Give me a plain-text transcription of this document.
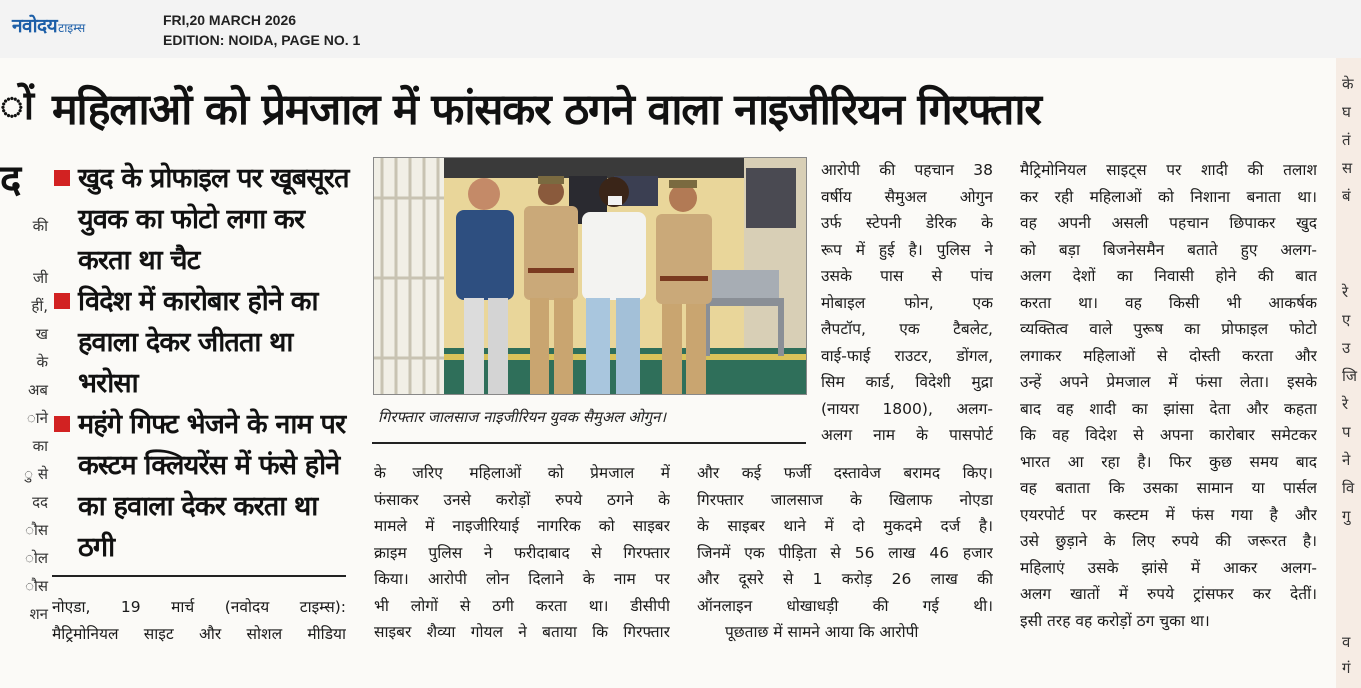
नवोदय टाइम्स	FRI,20 MARCH 2026
EDITION: NOIDA, PAGE NO. 1
ों
द
की
जी
हीं,
ख
के
अब
ाने
का
ु से
दद
ौस
ोल
ौस
शन
के
घ
तं
स
बं
रे
ए
उ
जि
रे
प
ने
वि
गु
व
गं
महिलाओं को प्रेमजाल में फांसकर ठगने वाला नाइजीरियन गिरफ्तार
खुद के प्रोफाइल पर खूबसूरत युवक का फोटो लगा कर करता था चैट
विदेश में कारोबार होने का हवाला देकर जीतता था भरोसा
महंगे गिफ्ट भेजने के नाम पर कस्टम क्लियरेंस में फंसे होने का हवाला देकर करता था ठगी
नोएडा, 19 मार्च (नवोदय टाइम्स):
मैट्रिमोनियल साइट और सोशल मीडिया
गिरफ्तार जालसाज नाइजीरियन युवक सैमुअल ओगुन।
के जरिए महिलाओं को प्रेमजाल में
फंसाकर उनसे करोड़ों रुपये ठगने के
मामले में नाइजीरियाई नागरिक को साइबर
क्राइम पुलिस ने फरीदाबाद से गिरफ्तार
किया। आरोपी लोन दिलाने के नाम पर
भी लोगों से ठगी करता था। डीसीपी
साइबर शैव्या गोयल ने बताया कि गिरफ्तार
आरोपी की पहचान 38
वर्षीय सैमुअल ओगुन
उर्फ स्टेपनी डेरिक के
रूप में हुई है। पुलिस ने
उसके पास से पांच
मोबाइल फोन, एक
लैपटॉप, एक टैबलेट,
वाई-फाई राउटर, डोंगल,
सिम कार्ड, विदेशी मुद्रा
(नायरा 1800), अलग-
अलग नाम के पासपोर्ट
और कई फर्जी दस्तावेज बरामद किए।
गिरफ्तार जालसाज के खिलाफ नोएडा
के साइबर थाने में दो मुकदमे दर्ज है।
जिनमें एक पीड़िता से 56 लाख 46 हजार
और दूसरे से 1 करोड़ 26 लाख की
ऑनलाइन धोखाधड़ी की गई थी।
पूछताछ में सामने आया कि आरोपी
मैट्रिमोनियल साइट्स पर शादी की तलाश
कर रही महिलाओं को निशाना बनाता था।
वह अपनी असली पहचान छिपाकर खुद
को बड़ा बिजनेसमैन बताते हुए अलग-
अलग देशों का निवासी होने की बात
करता था। वह किसी भी आकर्षक
व्यक्तित्व वाले पुरूष का प्रोफाइल फोटो
लगाकर महिलाओं से दोस्ती करता और
उन्हें अपने प्रेमजाल में फंसा लेता। इसके
बाद वह शादी का झांसा देता और कहता
कि वह विदेश से अपना कारोबार समेटकर
भारत आ रहा है। फिर कुछ समय बाद
वह बताता कि उसका सामान या पार्सल
एयरपोर्ट पर कस्टम में फंस गया है और
उसे छुड़ाने के लिए रुपये की जरूरत है।
महिलाएं उसके झांसे में आकर अलग-
अलग खातों में रुपये ट्रांसफर कर देतीं।
इसी तरह वह करोड़ों ठग चुका था।
